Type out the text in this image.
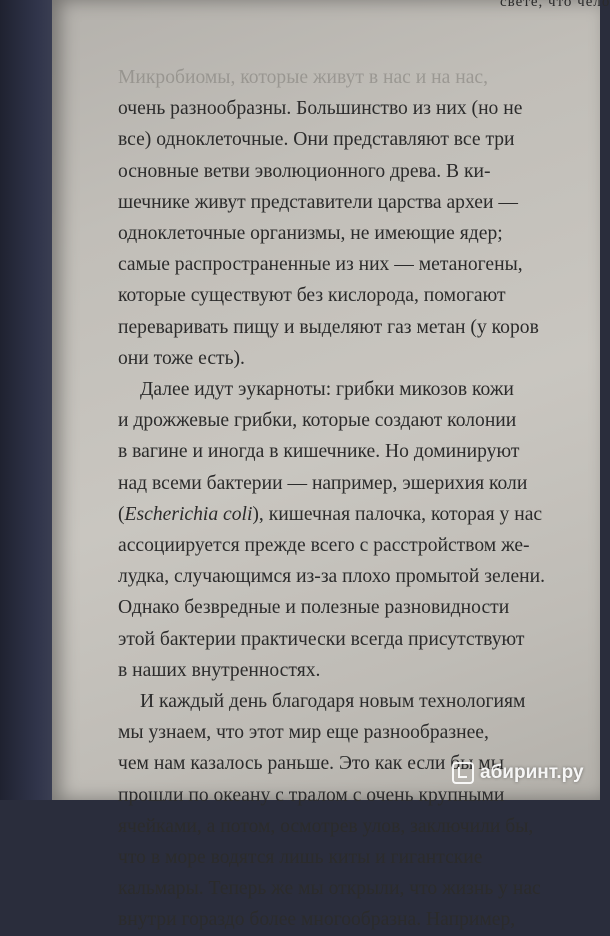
свете, что чело
Микробиомы, которые живут в нас и на нас,
очень разнообразны. Большинство из них (но не
все) одноклеточные. Они представляют все три
основные ветви эволюционного древа. В ки-
шечнике живут представители царства археи —
одноклеточные организмы, не имеющие ядер;
самые распространенные из них — метаногены,
которые существуют без кислорода, помогают
переваривать пищу и выделяют газ метан (у коров
они тоже есть).
Далее идут эукарноты: грибки микозов кожи
и дрожжевые грибки, которые создают колонии
в вагине и иногда в кишечнике. Но доминируют
над всеми бактерии — например, эшерихия коли
(Escherichia coli), кишечная палочка, которая у нас
ассоциируется прежде всего с расстройством же-
лудка, случающимся из-за плохо промытой зелени.
Однако безвредные и полезные разновидности
этой бактерии практически всегда присутствуют
в наших внутренностях.
И каждый день благодаря новым технологиям
мы узнаем, что этот мир еще разнообразнее,
чем нам казалось раньше. Это как если бы мы
прошли по океану с тралом с очень крупными
ячейками, а потом, осмотрев улов, заключили бы,
что в море водятся лишь киты и гигантские
кальмары. Теперь же мы открыли, что жизнь у нас
внутри гораздо более многообразна. Например,
абиринт.ру
